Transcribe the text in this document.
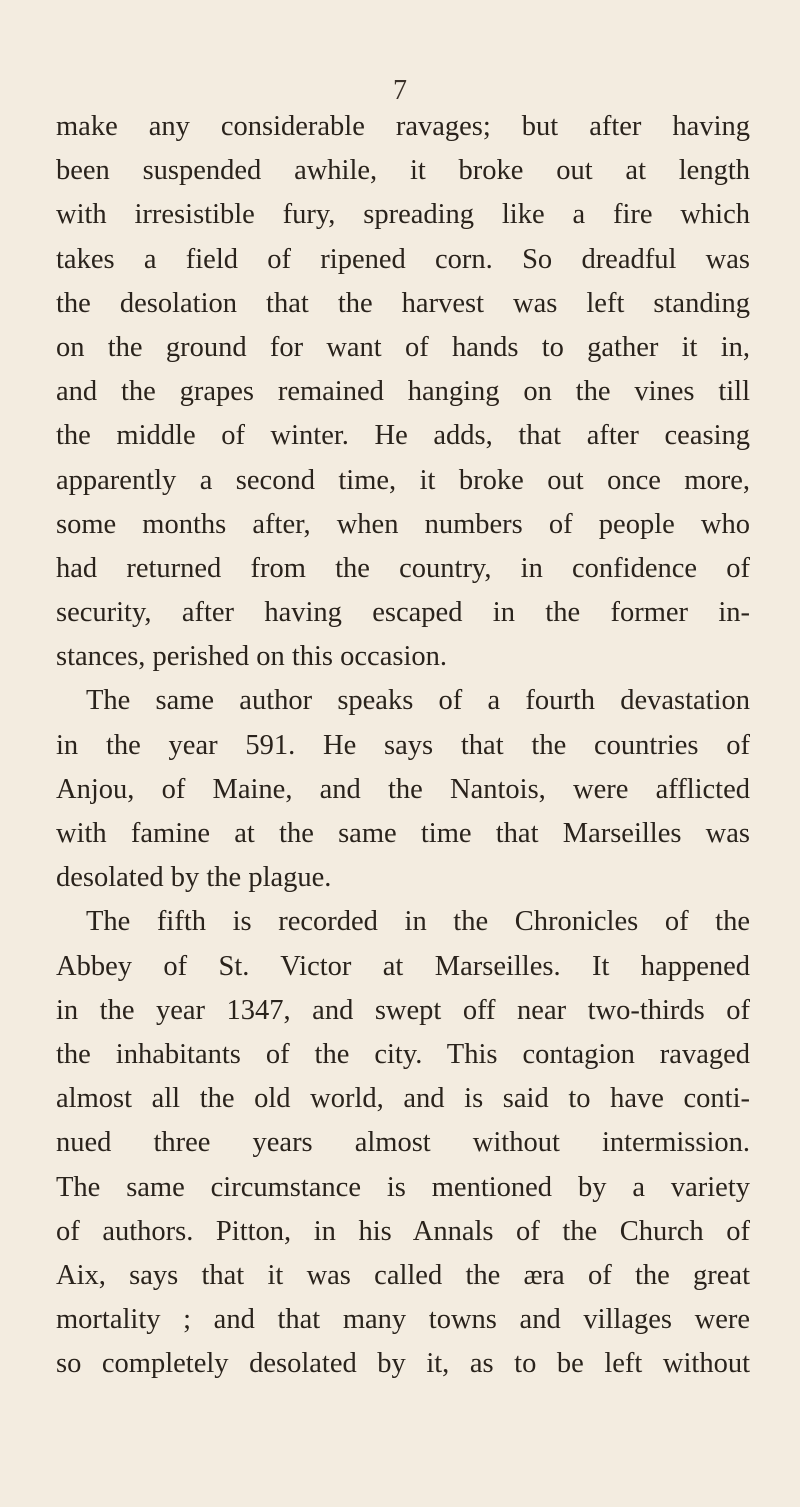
7
make any considerable ravages; but after having
been suspended awhile, it broke out at length
with irresistible fury, spreading like a fire which
takes a field of ripened corn. So dreadful was
the desolation that the harvest was left standing
on the ground for want of hands to gather it in,
and the grapes remained hanging on the vines till
the middle of winter. He adds, that after ceasing
apparently a second time, it broke out once more,
some months after, when numbers of people who
had returned from the country, in confidence of
security, after having escaped in the former in-
stances, perished on this occasion.
The same author speaks of a fourth devastation
in the year 591. He says that the countries of
Anjou, of Maine, and the Nantois, were afflicted
with famine at the same time that Marseilles was
desolated by the plague.
The fifth is recorded in the Chronicles of the
Abbey of St. Victor at Marseilles. It happened
in the year 1347, and swept off near two-thirds of
the inhabitants of the city. This contagion ravaged
almost all the old world, and is said to have conti-
nued three years almost without intermission.
The same circumstance is mentioned by a variety
of authors. Pitton, in his Annals of the Church of
Aix, says that it was called the æra of the great
mortality ; and that many towns and villages were
so completely desolated by it, as to be left without
